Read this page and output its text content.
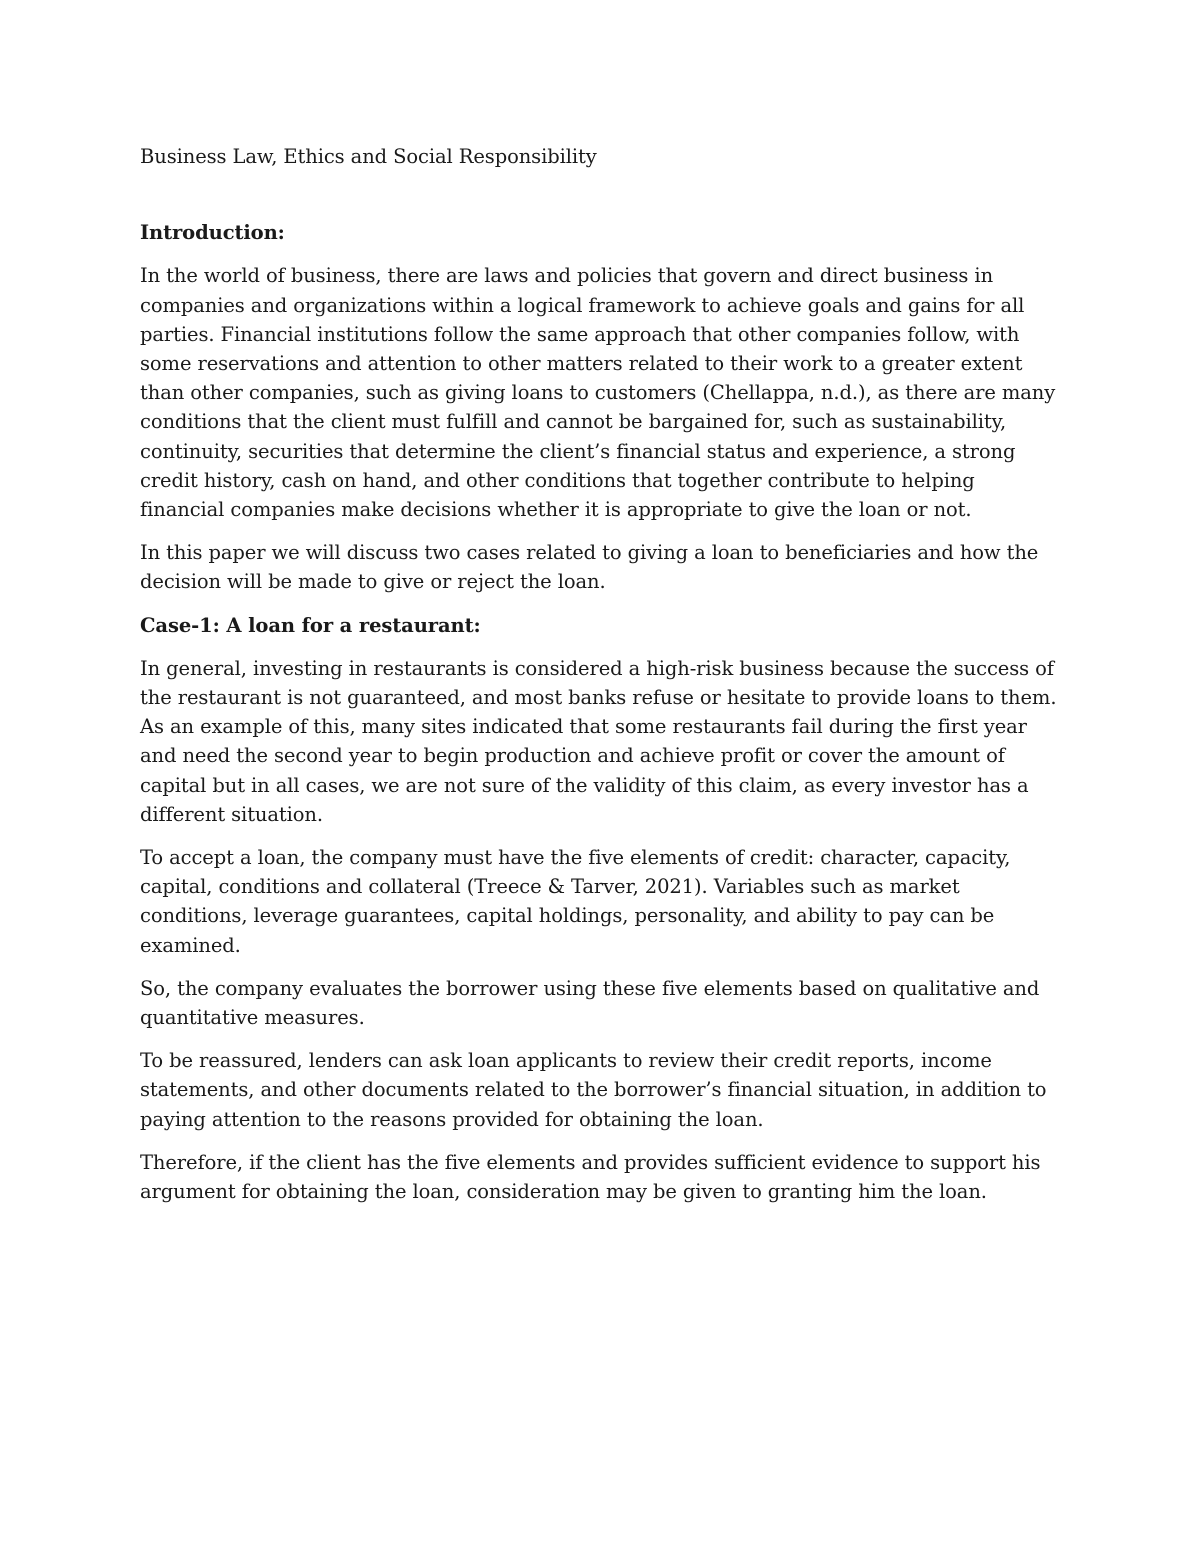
Business Law, Ethics and Social Responsibility

Introduction:

In the world of business, there are laws and policies that govern and direct business in companies and organizations within a logical framework to achieve goals and gains for all parties. Financial institutions follow the same approach that other companies follow, with some reservations and attention to other matters related to their work to a greater extent than other companies, such as giving loans to customers (Chellappa, n.d.), as there are many conditions that the client must fulfill and cannot be bargained for, such as sustainability, continuity, securities that determine the client’s financial status and experience, a strong credit history, cash on hand, and other conditions that together contribute to helping financial companies make decisions whether it is appropriate to give the loan or not.

In this paper we will discuss two cases related to giving a loan to beneficiaries and how the decision will be made to give or reject the loan.

Case-1: A loan for a restaurant:

In general, investing in restaurants is considered a high-risk business because the success of the restaurant is not guaranteed, and most banks refuse or hesitate to provide loans to them. As an example of this, many sites indicated that some restaurants fail during the first year and need the second year to begin production and achieve profit or cover the amount of capital but in all cases, we are not sure of the validity of this claim, as every investor has a different situation.

To accept a loan, the company must have the five elements of credit: character, capacity, capital, conditions and collateral (Treece & Tarver, 2021). Variables such as market conditions, leverage guarantees, capital holdings, personality, and ability to pay can be examined.

So, the company evaluates the borrower using these five elements based on qualitative and quantitative measures.

To be reassured, lenders can ask loan applicants to review their credit reports, income statements, and other documents related to the borrower’s financial situation, in addition to paying attention to the reasons provided for obtaining the loan.

Therefore, if the client has the five elements and provides sufficient evidence to support his argument for obtaining the loan, consideration may be given to granting him the loan.
